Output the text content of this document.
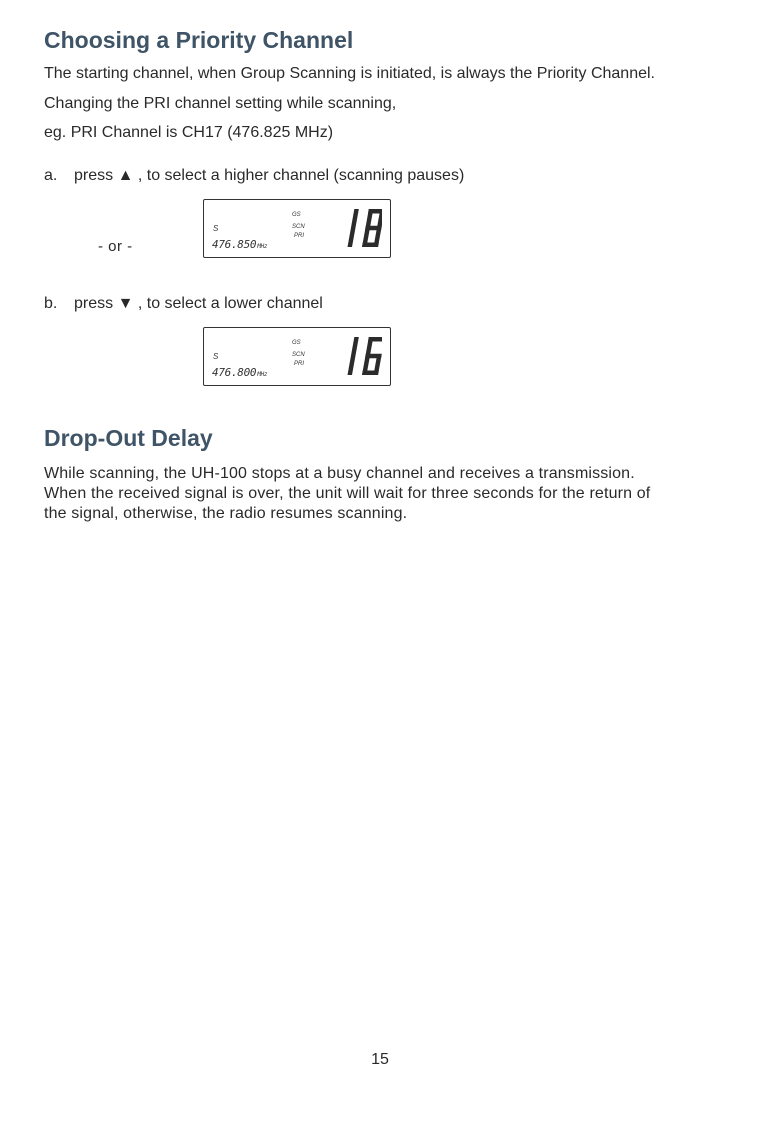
Choosing a Priority Channel

The starting channel, when Group Scanning is initiated, is always the Priority Channel.

Changing the PRI channel setting while scanning,

eg. PRI Channel is CH17 (476.825 MHz)

a. press ▲ , to select a higher channel (scanning pauses)
- or -
S
476.850MHz
GS
SCN
PRI
b. press ▼ , to select a lower channel
S
476.800MHz
GS
SCN
PRI
Drop-Out Delay

While scanning, the UH-100 stops at a busy channel and receives a transmission.

When the received signal is over, the unit will wait for three seconds for the return of

the signal, otherwise, the radio resumes scanning.

15
